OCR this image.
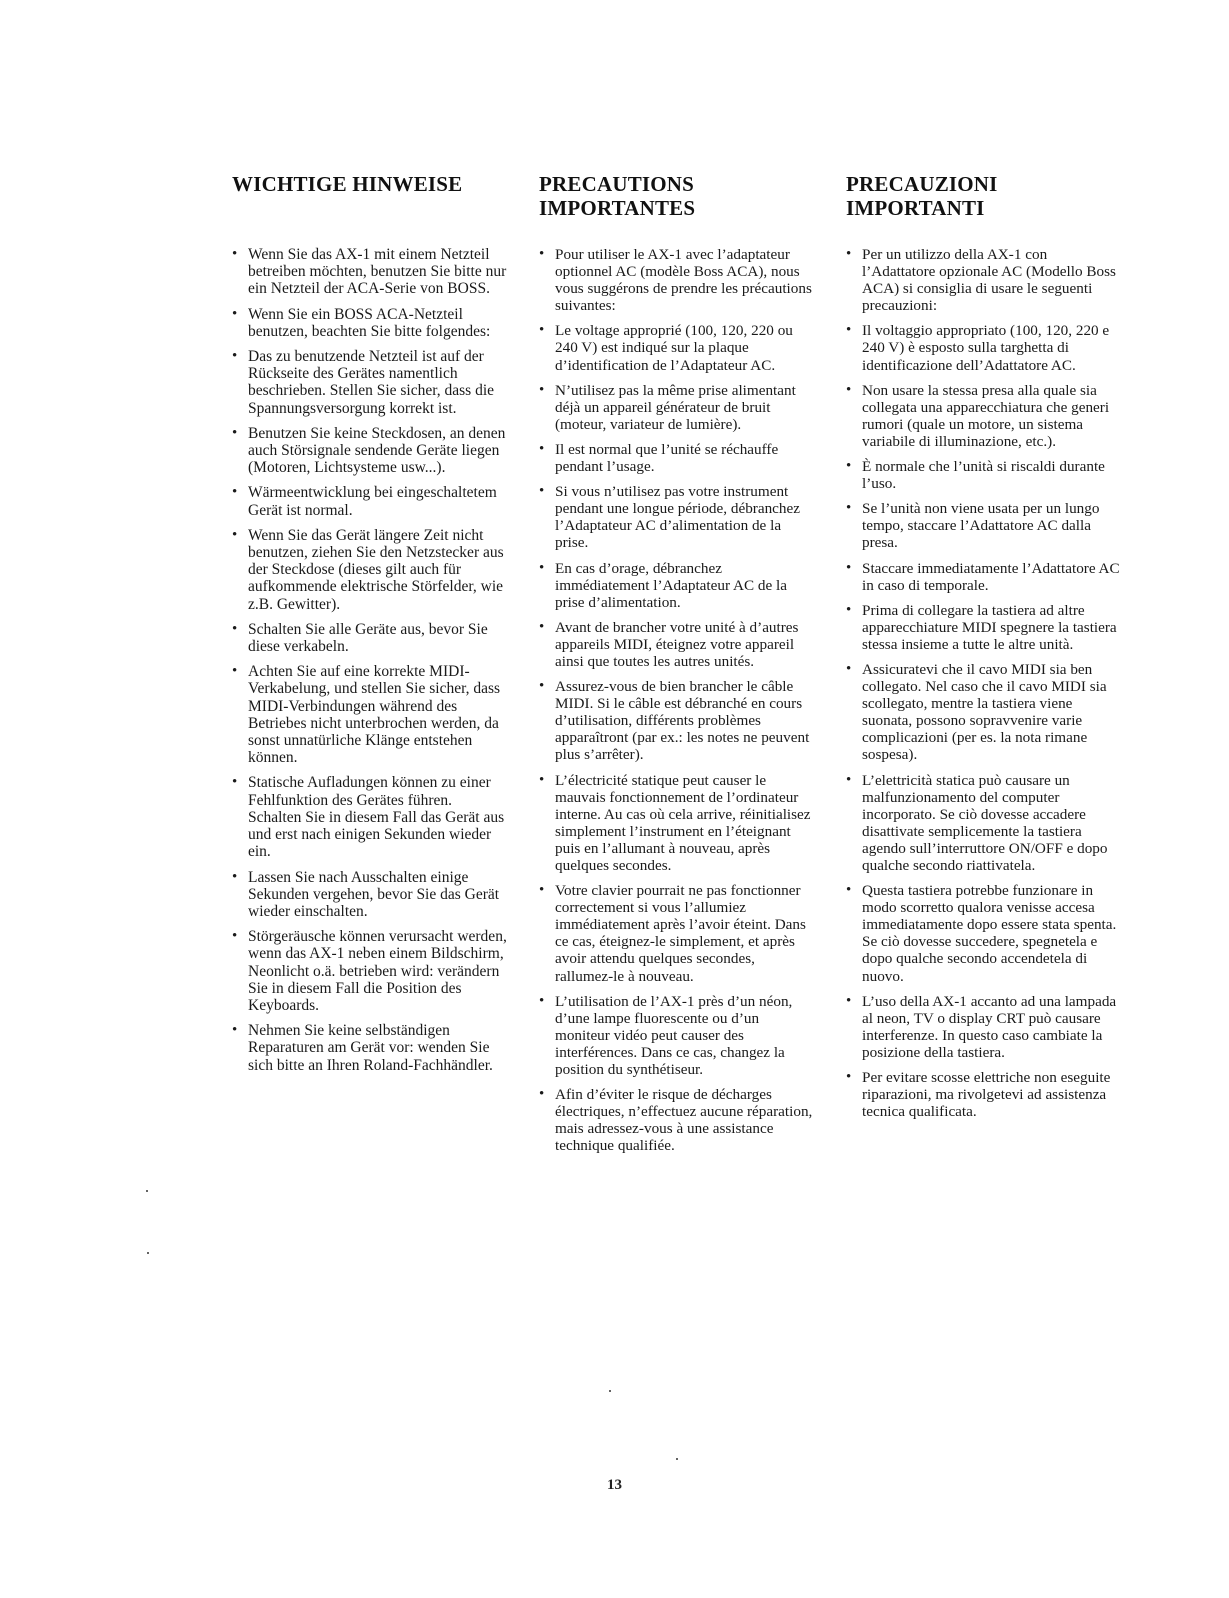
WICHTIGE HINWEISE
• Wenn Sie das AX-1 mit einem Netzteil betreiben möchten, benutzen Sie bitte nur ein Netzteil der ACA-Serie von BOSS.
• Wenn Sie ein BOSS ACA-Netzteil benutzen, beachten Sie bitte folgendes:
• Das zu benutzende Netzteil ist auf der Rückseite des Gerätes namentlich beschrieben. Stellen Sie sicher, dass die Spannungsversorgung korrekt ist.
• Benutzen Sie keine Steckdosen, an denen auch Störsignale sendende Geräte liegen (Motoren, Lichtsysteme usw...).
• Wärmeentwicklung bei eingeschaltetem Gerät ist normal.
• Wenn Sie das Gerät längere Zeit nicht benutzen, ziehen Sie den Netzstecker aus der Steckdose (dieses gilt auch für aufkommende elektrische Störfelder, wie z.B. Gewitter).
• Schalten Sie alle Geräte aus, bevor Sie diese verkabeln.
• Achten Sie auf eine korrekte MIDI-Verkabelung, und stellen Sie sicher, dass MIDI-Verbindungen während des Betriebes nicht unterbrochen werden, da sonst unnatürliche Klänge entstehen können.
• Statische Aufladungen können zu einer Fehlfunktion des Gerätes führen. Schalten Sie in diesem Fall das Gerät aus und erst nach einigen Sekunden wieder ein.
• Lassen Sie nach Ausschalten einige Sekunden vergehen, bevor Sie das Gerät wieder einschalten.
• Störgeräusche können verursacht werden, wenn das AX-1 neben einem Bildschirm, Neonlicht o.ä. betrieben wird: verändern Sie in diesem Fall die Position des Keyboards.
• Nehmen Sie keine selbständigen Reparaturen am Gerät vor: wenden Sie sich bitte an Ihren Roland-Fachhändler.
PRECAUTIONS
IMPORTANTES
• Pour utiliser le AX-1 avec l’adaptateur optionnel AC (modèle Boss ACA), nous vous suggérons de prendre les précautions suivantes:
• Le voltage approprié (100, 120, 220 ou 240 V) est indiqué sur la plaque d’identification de l’Adaptateur AC.
• N’utilisez pas la même prise alimentant déjà un appareil générateur de bruit (moteur, variateur de lumière).
• Il est normal que l’unité se réchauffe pendant l’usage.
• Si vous n’utilisez pas votre instrument pendant une longue période, débranchez l’Adaptateur AC d’alimentation de la prise.
• En cas d’orage, débranchez immédiatement l’Adaptateur AC de la prise d’alimentation.
• Avant de brancher votre unité à d’autres appareils MIDI, éteignez votre appareil ainsi que toutes les autres unités.
• Assurez-vous de bien brancher le câble MIDI. Si le câble est débranché en cours d’utilisation, différents problèmes apparaîtront (par ex.: les notes ne peuvent plus s’arrêter).
• L’électricité statique peut causer le mauvais fonctionnement de l’ordinateur interne. Au cas où cela arrive, réinitialisez simplement l’instrument en l’éteignant puis en l’allumant à nouveau, après quelques secondes.
• Votre clavier pourrait ne pas fonctionner correctement si vous l’allumiez immédiatement après l’avoir éteint. Dans ce cas, éteignez-le simplement, et après avoir attendu quelques secondes, rallumez-le à nouveau.
• L’utilisation de l’AX-1 près d’un néon, d’une lampe fluorescente ou d’un moniteur vidéo peut causer des interférences. Dans ce cas, changez la position du synthétiseur.
• Afin d’éviter le risque de décharges électriques, n’effectuez aucune réparation, mais adressez-vous à une assistance technique qualifiée.
PRECAUZIONI
IMPORTANTI
• Per un utilizzo della AX-1 con l’Adattatore opzionale AC (Modello Boss ACA) si consiglia di usare le seguenti precauzioni:
• Il voltaggio appropriato (100, 120, 220 e 240 V) è esposto sulla targhetta di identificazione dell’Adattatore AC.
• Non usare la stessa presa alla quale sia collegata una apparecchiatura che generi rumori (quale un motore, un sistema variabile di illuminazione, etc.).
• È normale che l’unità si riscaldi durante l’uso.
• Se l’unità non viene usata per un lungo tempo, staccare l’Adattatore AC dalla presa.
• Staccare immediatamente l’Adattatore AC in caso di temporale.
• Prima di collegare la tastiera ad altre apparecchiature MIDI spegnere la tastiera stessa insieme a tutte le altre unità.
• Assicuratevi che il cavo MIDI sia ben collegato. Nel caso che il cavo MIDI sia scollegato, mentre la tastiera viene suonata, possono sopravvenire varie complicazioni (per es. la nota rimane sospesa).
• L’elettricità statica può causare un malfunzionamento del computer incorporato. Se ciò dovesse accadere disattivate semplicemente la tastiera agendo sull’interruttore ON/OFF e dopo qualche secondo riattivatela.
• Questa tastiera potrebbe funzionare in modo scorretto qualora venisse accesa immediatamente dopo essere stata spenta. Se ciò dovesse succedere, spegnetela e dopo qualche secondo accendetela di nuovo.
• L’uso della AX-1 accanto ad una lampada al neon, TV o display CRT può causare interferenze. In questo caso cambiate la posizione della tastiera.
• Per evitare scosse elettriche non eseguite riparazioni, ma rivolgetevi ad assistenza tecnica qualificata.
13
